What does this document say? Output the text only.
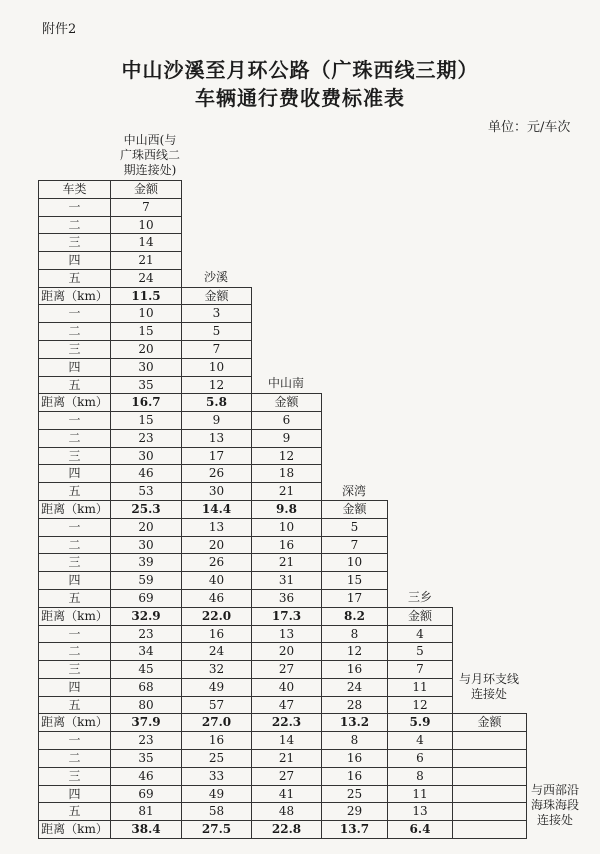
附件2
中山沙溪至月环公路（广珠西线三期）
车辆通行费收费标准表
单位：元/车次
中山西(与
广珠西线二
期连接处)
沙溪
中山南
深湾
三乡
与月环支线
连接处
与西部沿
海珠海段
连接处
车类	金额
一	7
二	10
三	14
四	21
五	24
距离（km）	11.5	金额
一	10	3
二	15	5
三	20	7
四	30	10
五	35	12
距离（km）	16.7	5.8	金额
一	15	9	6
二	23	13	9
三	30	17	12
四	46	26	18
五	53	30	21
距离（km）	25.3	14.4	9.8	金额
一	20	13	10	5
二	30	20	16	7
三	39	26	21	10
四	59	40	31	15
五	69	46	36	17
距离（km）	32.9	22.0	17.3	8.2	金额
一	23	16	13	8	4
二	34	24	20	12	5
三	45	32	27	16	7
四	68	49	40	24	11
五	80	57	47	28	12
距离（km）	37.9	27.0	22.3	13.2	5.9	金额
一	23	16	14	8	4
二	35	25	21	16	6
三	46	33	27	16	8
四	69	49	41	25	11
五	81	58	48	29	13
距离（km）	38.4	27.5	22.8	13.7	6.4
